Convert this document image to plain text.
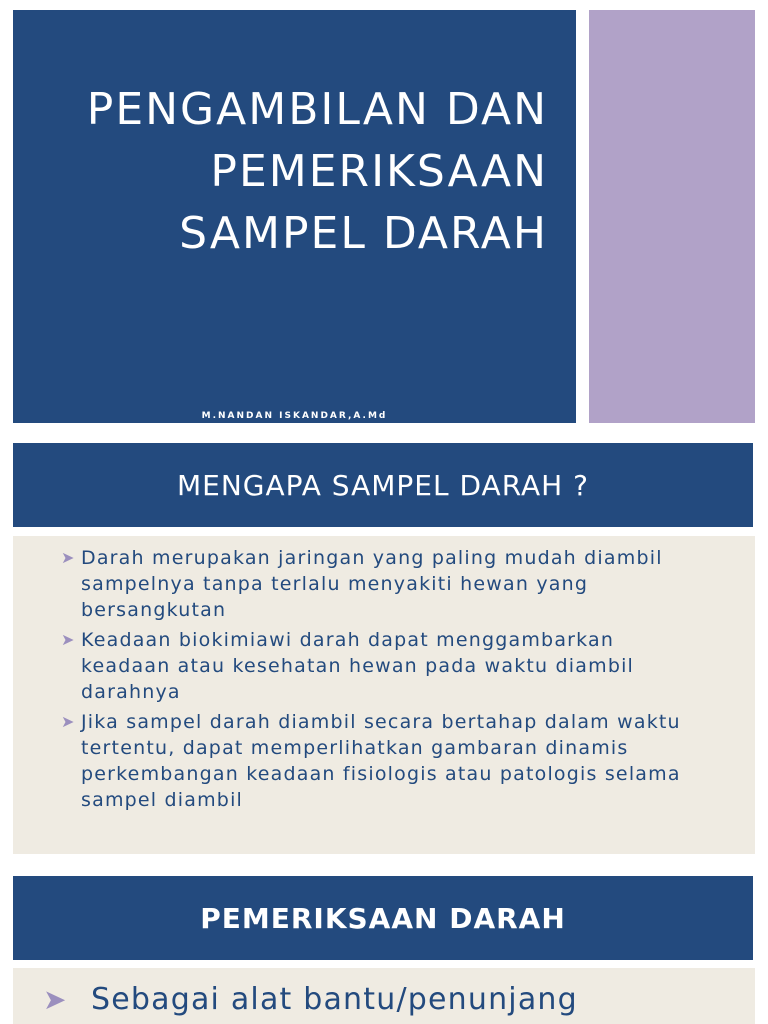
PENGAMBILAN DAN
PEMERIKSAAN
SAMPEL DARAH
M.NANDAN ISKANDAR,A.Md
MENGAPA SAMPEL DARAH ?
➤ Darah merupakan jaringan yang paling mudah diambil sampelnya tanpa terlalu menyakiti hewan yang bersangkutan
➤ Keadaan biokimiawi darah dapat menggambarkan keadaan atau kesehatan hewan pada waktu diambil darahnya
➤ Jika sampel darah diambil secara bertahap dalam waktu tertentu, dapat memperlihatkan gambaran dinamis perkembangan keadaan fisiologis atau patologis selama sampel diambil
PEMERIKSAAN DARAH
➤ Sebagai alat bantu/penunjang
